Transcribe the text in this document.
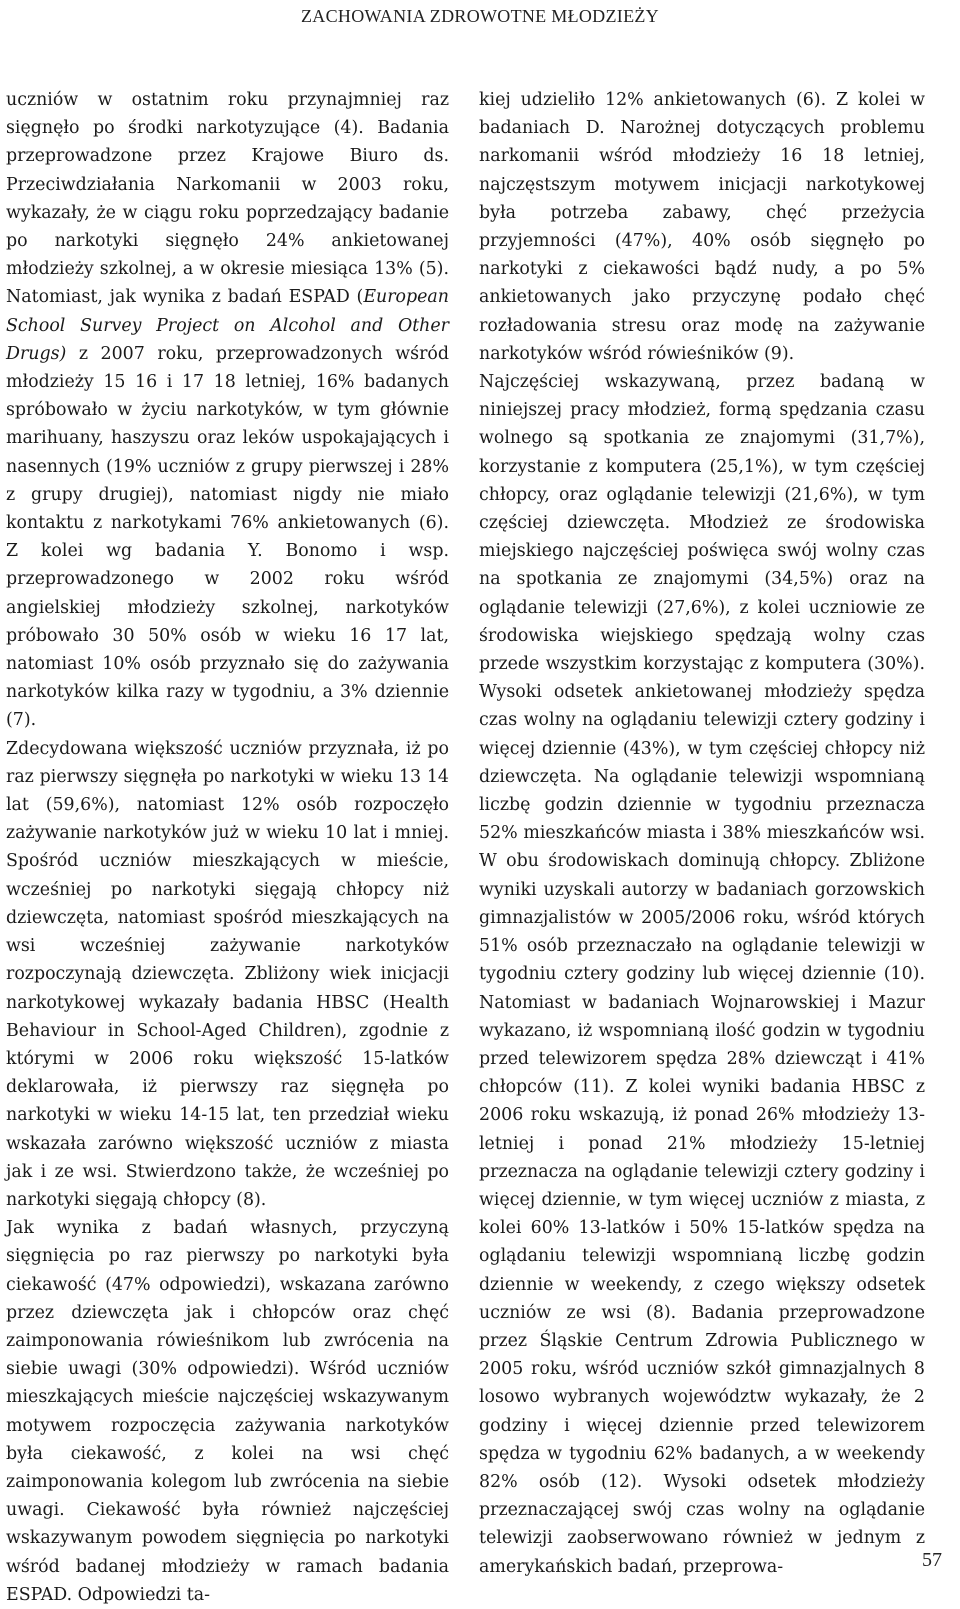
ZACHOWANIA ZDROWOTNE MŁODZIEŻY

uczniów w ostatnim roku przynajmniej raz sięgnęło po środki narkotyzujące (4). Badania przeprowadzone przez Krajowe Biuro ds. Przeciwdziałania Narkomanii w 2003 roku, wykazały, że w ciągu roku poprzedzający badanie po narkotyki sięgnęło 24% ankietowanej młodzieży szkolnej, a w okresie miesiąca 13% (5). Natomiast, jak wynika z badań ESPAD (European School Survey Project on Alcohol and Other Drugs) z 2007 roku, przeprowadzonych wśród młodzieży 15 16 i 17 18 letniej, 16% badanych spróbowało w życiu narkotyków, w tym głównie marihuany, haszyszu oraz leków uspokajających i nasennych (19% uczniów z grupy pierwszej i 28% z grupy drugiej), natomiast nigdy nie miało kontaktu z narkotykami 76% ankietowanych (6). Z kolei wg badania Y. Bonomo i wsp. przeprowadzonego w 2002 roku wśród angielskiej młodzieży szkolnej, narkotyków próbowało 30 50% osób w wieku 16 17 lat, natomiast 10% osób przyznało się do zażywania narkotyków kilka razy w tygodniu, a 3% dziennie (7).

Zdecydowana większość uczniów przyznała, iż po raz pierwszy sięgnęła po narkotyki w wieku 13 14 lat (59,6%), natomiast 12% osób rozpoczęło zażywanie narkotyków już w wieku 10 lat i mniej. Spośród uczniów mieszkających w mieście, wcześniej po narkotyki sięgają chłopcy niż dziewczęta, natomiast spośród mieszkających na wsi wcześniej zażywanie narkotyków rozpoczynają dziewczęta. Zbliżony wiek inicjacji narkotykowej wykazały badania HBSC (Health Behaviour in School-Aged Children), zgodnie z którymi w 2006 roku większość 15-latków deklarowała, iż pierwszy raz sięgnęła po narkotyki w wieku 14-15 lat, ten przedział wieku wskazała zarówno większość uczniów z miasta jak i ze wsi. Stwierdzono także, że wcześniej po narkotyki sięgają chłopcy (8).

Jak wynika z badań własnych, przyczyną sięgnięcia po raz pierwszy po narkotyki była ciekawość (47% odpowiedzi), wskazana zarówno przez dziewczęta jak i chłopców oraz chęć zaimponowania rówieśnikom lub zwrócenia na siebie uwagi (30% odpowiedzi). Wśród uczniów mieszkających mieście najczęściej wskazywanym motywem rozpoczęcia zażywania narkotyków była ciekawość, z kolei na wsi chęć zaimponowania kolegom lub zwrócenia na siebie uwagi. Ciekawość była również najczęściej wskazywanym powodem sięgnięcia po narkotyki wśród badanej młodzieży w ramach badania ESPAD. Odpowiedzi ta-

kiej udzieliło 12% ankietowanych (6). Z kolei w badaniach D. Narożnej dotyczących problemu narkomanii wśród młodzieży 16 18 letniej, najczęstszym motywem inicjacji narkotykowej była potrzeba zabawy, chęć przeżycia przyjemności (47%), 40% osób sięgnęło po narkotyki z ciekawości bądź nudy, a po 5% ankietowanych jako przyczynę podało chęć rozładowania stresu oraz modę na zażywanie narkotyków wśród rówieśników (9).

Najczęściej wskazywaną, przez badaną w niniejszej pracy młodzież, formą spędzania czasu wolnego są spotkania ze znajomymi (31,7%), korzystanie z komputera (25,1%), w tym częściej chłopcy, oraz oglądanie telewizji (21,6%), w tym częściej dziewczęta. Młodzież ze środowiska miejskiego najczęściej poświęca swój wolny czas na spotkania ze znajomymi (34,5%) oraz na oglądanie telewizji (27,6%), z kolei uczniowie ze środowiska wiejskiego spędzają wolny czas przede wszystkim korzystając z komputera (30%). Wysoki odsetek ankietowanej młodzieży spędza czas wolny na oglądaniu telewizji cztery godziny i więcej dziennie (43%), w tym częściej chłopcy niż dziewczęta. Na oglądanie telewizji wspomnianą liczbę godzin dziennie w tygodniu przeznacza 52% mieszkańców miasta i 38% mieszkańców wsi. W obu środowiskach dominują chłopcy. Zbliżone wyniki uzyskali autorzy w badaniach gorzowskich gimnazjalistów w 2005/2006 roku, wśród których 51% osób przeznaczało na oglądanie telewizji w tygodniu cztery godziny lub więcej dziennie (10). Natomiast w badaniach Wojnarowskiej i Mazur wykazano, iż wspomnianą ilość godzin w tygodniu przed telewizorem spędza 28% dziewcząt i 41% chłopców (11). Z kolei wyniki badania HBSC z 2006 roku wskazują, iż ponad 26% młodzieży 13-letniej i ponad 21% młodzieży 15-letniej przeznacza na oglądanie telewizji cztery godziny i więcej dziennie, w tym więcej uczniów z miasta, z kolei 60% 13-latków i 50% 15-latków spędza na oglądaniu telewizji wspomnianą liczbę godzin dziennie w weekendy, z czego większy odsetek uczniów ze wsi (8). Badania przeprowadzone przez Śląskie Centrum Zdrowia Publicznego w 2005 roku, wśród uczniów szkół gimnazjalnych 8 losowo wybranych województw wykazały, że 2 godziny i więcej dziennie przed telewizorem spędza w tygodniu 62% badanych, a w weekendy 82% osób (12). Wysoki odsetek młodzieży przeznaczającej swój czas wolny na oglądanie telewizji zaobserwowano również w jednym z amerykańskich badań, przeprowa-	57
